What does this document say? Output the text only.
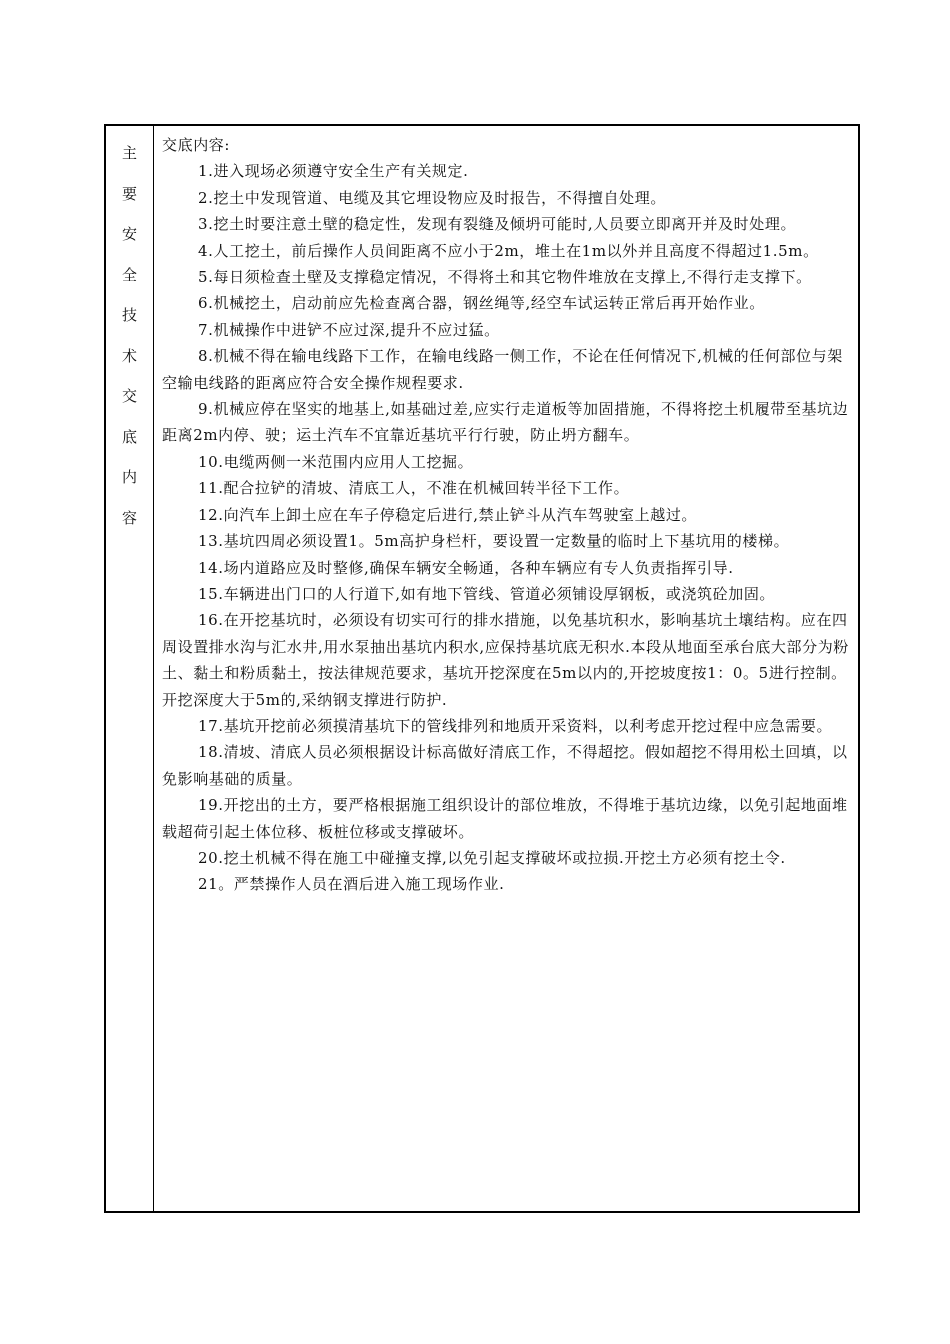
主
要
安
全
技
术
交
底
内
容

交底内容:

1.进入现场必须遵守安全生产有关规定.

2.挖土中发现管道、电缆及其它埋设物应及时报告，不得擅自处理。

3.挖土时要注意土壁的稳定性，发现有裂缝及倾坍可能时,人员要立即离开并及时处理。

4.人工挖土，前后操作人员间距离不应小于2m，堆土在1m以外并且高度不得超过1.5m。

5.每日须检查土壁及支撑稳定情况，不得将土和其它物件堆放在支撑上,不得行走支撑下。

6.机械挖土，启动前应先检查离合器，钢丝绳等,经空车试运转正常后再开始作业。

7.机械操作中进铲不应过深,提升不应过猛。

8.机械不得在输电线路下工作，在输电线路一侧工作，不论在任何情况下,机械的任何部位与架空输电线路的距离应符合安全操作规程要求.

9.机械应停在坚实的地基上,如基础过差,应实行走道板等加固措施，不得将挖土机履带至基坑边距离2m内停、驶；运土汽车不宜靠近基坑平行行驶，防止坍方翻车。

10.电缆两侧一米范围内应用人工挖掘。

11.配合拉铲的清坡、清底工人，不准在机械回转半径下工作。

12.向汽车上卸土应在车子停稳定后进行,禁止铲斗从汽车驾驶室上越过。

13.基坑四周必须设置1。5m高护身栏杆，要设置一定数量的临时上下基坑用的楼梯。

14.场内道路应及时整修,确保车辆安全畅通，各种车辆应有专人负责指挥引导.

15.车辆进出门口的人行道下,如有地下管线、管道必须铺设厚钢板，或浇筑砼加固。

16.在开挖基坑时，必须设有切实可行的排水措施，以免基坑积水，影响基坑土壤结构。应在四周设置排水沟与汇水井,用水泵抽出基坑内积水,应保持基坑底无积水.本段从地面至承台底大部分为粉土、黏土和粉质黏土，按法律规范要求，基坑开挖深度在5m以内的,开挖坡度按1：0。5进行控制。开挖深度大于5m的,采纳钢支撑进行防护.

17.基坑开挖前必须摸清基坑下的管线排列和地质开采资料，以利考虑开挖过程中应急需要。

18.清坡、清底人员必须根据设计标高做好清底工作，不得超挖。假如超挖不得用松土回填，以免影响基础的质量。

19.开挖出的土方，要严格根据施工组织设计的部位堆放，不得堆于基坑边缘，以免引起地面堆载超荷引起土体位移、板桩位移或支撑破坏。

20.挖土机械不得在施工中碰撞支撑,以免引起支撑破坏或拉损.开挖土方必须有挖土令.

21。严禁操作人员在酒后进入施工现场作业.
